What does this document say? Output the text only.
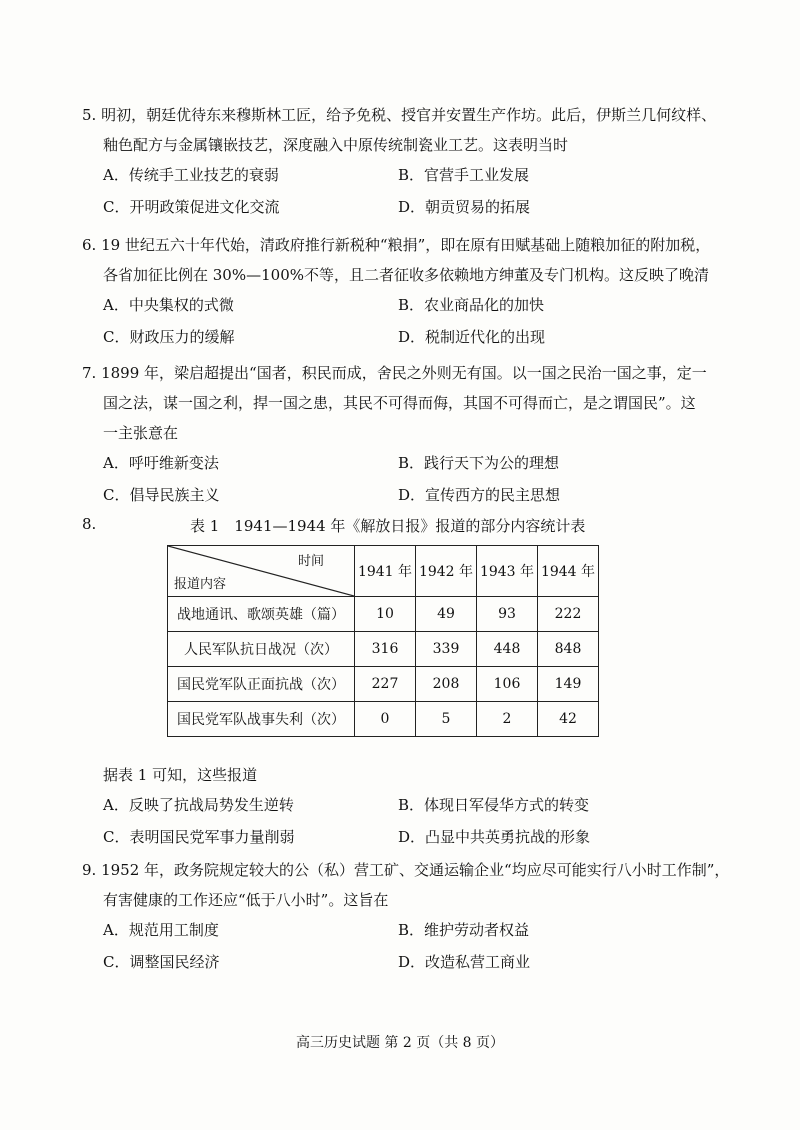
5. 明初，朝廷优待东来穆斯林工匠，给予免税、授官并安置生产作坊。此后，伊斯兰几何纹样、
釉色配方与金属镶嵌技艺，深度融入中原传统制瓷业工艺。这表明当时
A．传统手工业技艺的衰弱	B．官营手工业发展
C．开明政策促进文化交流	D．朝贡贸易的拓展
6. 19 世纪五六十年代始，清政府推行新税种“粮捐”，即在原有田赋基础上随粮加征的附加税，
各省加征比例在 30%—100%不等，且二者征收多依赖地方绅董及专门机构。这反映了晚清
A．中央集权的式微	B．农业商品化的加快
C．财政压力的缓解	D．税制近代化的出现
7. 1899 年，梁启超提出“国者，积民而成，舍民之外则无有国。以一国之民治一国之事，定一
国之法，谋一国之利，捍一国之患，其民不可得而侮，其国不可得而亡，是之谓国民”。这
一主张意在
A．呼吁维新变法	B．践行天下为公的理想
C．倡导民族主义	D．宣传西方的民主思想
8.	表 1　1941—1944 年《解放日报》报道的部分内容统计表
时间
报道内容	1941 年	1942 年	1943 年	1944 年
战地通讯、歌颂英雄（篇）	10	49	93	222
人民军队抗日战况（次）	316	339	448	848
国民党军队正面抗战（次）	227	208	106	149
国民党军队战事失利（次）	0	5	2	42
据表 1 可知，这些报道
A．反映了抗战局势发生逆转	B．体现日军侵华方式的转变
C．表明国民党军事力量削弱	D．凸显中共英勇抗战的形象
9. 1952 年，政务院规定较大的公（私）营工矿、交通运输企业“均应尽可能实行八小时工作制”，
有害健康的工作还应“低于八小时”。这旨在
A．规范用工制度	B．维护劳动者权益
C．调整国民经济	D．改造私营工商业
高三历史试题 第 2 页（共 8 页）
